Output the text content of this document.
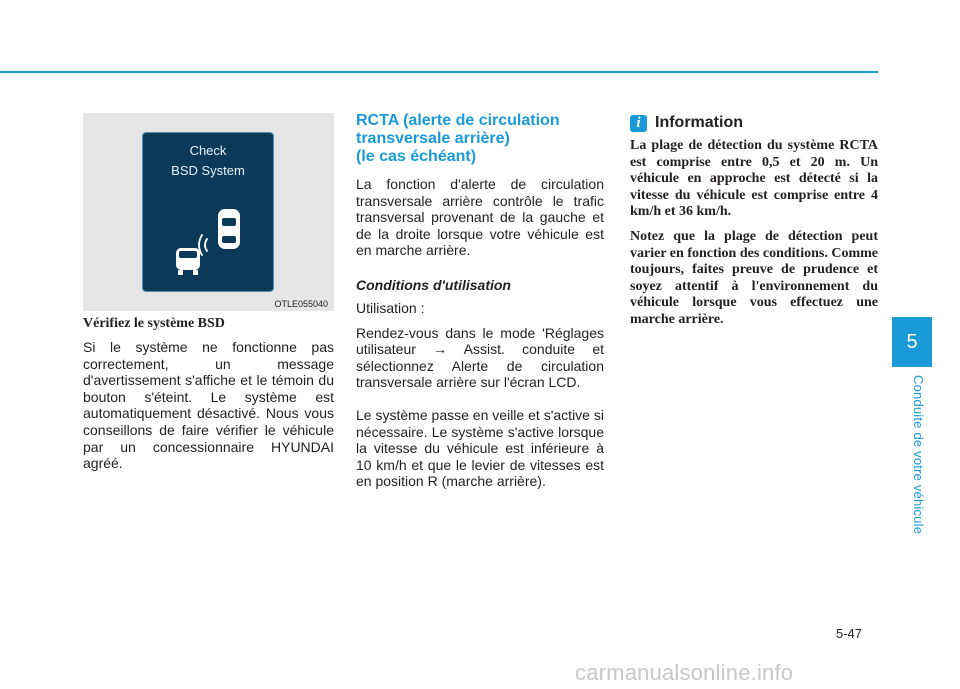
5
Conduite de votre véhicule
Check
BSD System
OTLE055040
Vérifiez le système BSD

Si le système ne fonctionne pas correctement, un message d'avertissement s'affiche et le témoin du bouton s'éteint. Le système est automatiquement désactivé. Nous vous conseillons de faire vérifier le véhicule par un concessionnaire HYUNDAI agréé.

RCTA (alerte de circulation
transversale arrière)
(le cas échéant)

La fonction d'alerte de circulation transversale arrière contrôle le trafic transversal provenant de la gauche et de la droite lorsque votre véhicule est en marche arrière.

Conditions d'utilisation

Utilisation :

Rendez-vous dans le mode 'Réglages utilisateur → Assist. conduite et sélectionnez Alerte de circulation transversale arrière sur l'écran LCD.

Le système passe en veille et s'active si nécessaire. Le système s'active lorsque la vitesse du véhicule est inférieure à 10 km/h et que le levier de vitesses est en position R (marche arrière).

i Information

La plage de détection du système RCTA est comprise entre 0,5 et 20 m. Un véhicule en approche est détecté si la vitesse du véhicule est comprise entre 4 km/h et 36 km/h.

Notez que la plage de détection peut varier en fonction des conditions. Comme toujours, faites preuve de prudence et soyez attentif à l'environnement du véhicule lorsque vous effectuez une marche arrière.

5-47
carmanualsonline.info
